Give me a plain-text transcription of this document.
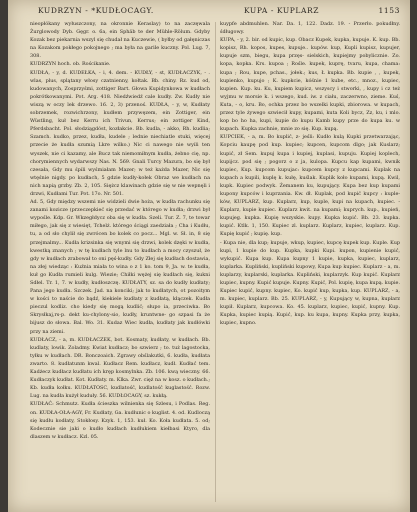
KUDRZYN - *KUDŁOCAGY.	KUPA - KUPLARZ	1153

nieopłókany wyłuszczony, na okronnie Keraslay) to na zaczęwala Żurglowody Dyb. Gęgr. o. 6a, ein Sphäb te der Mühle-Rölum. Gdyby Kozak bez piekarnia wszyl się chudał na Kuczewie, ( byłby od gałęniczas na Kozakom pokłego pokojnego ; ma była na garile kuczny. Pol. Lug. 7, 308.

KUDRZYN hoch. ob. Rościkanie.

KUDŁA, - y, d. KUDEŁKA, - i, 4. dem. - KUDŁY, - st, KUDŁACZYK, - . wlas, plus, splątany włosy czatnienny, kołtak. Bb. chiny. Rz. kud od, kudowanych, Zosprzyśmi, zottiger Bart. Głowa Kupidynkowa w kudłach pokrótkowanymi. Pot. Arg. 418. Niedźwiedź cale kudły. Zw. Kudły nie wiszą w oczy lek drzewo. 16. 2, 3) przenoś. KUDŁA, - y, w, Kudłaty sobrzemek, rozwichrzony, kudłem przywęzem, ein Zottiger, ein Wüstling, kuł bez Kerru ich Trivun, Kerrus; ein zottiger Kind, Pferdsbacht. Pol. słodziągdóst, kozłakcie. Bb. kudla, - akko, Rh. kudlia; Szamch. kudko, przez, kudła, kudele ; lednie niechiatle stuki, więcej przecie że kudła szumią Lkre wilko.) Nic ci nawego nie wyili ten wyszek, nie ci kazamy, ale Bucz tak niemomiłnym kudła, żebno cię, np. chorymiennych wydarwszy Nas. N. 569. Gnali Turcy Mazura, bo się był czesała, Gdy mu śpili wyśmiałam Mazer; w też każda Mazer, Nic się wtęśnie nigdy. po kudłach, 5 gdzie kudły-kołek Obraz we kudłach na nich napią grzby. Zb. 2, 105. Siężcz klawinach gdzie się w nie wepnęli i drzwi, Kudłami Tur. Pot. 17o. Nr. 501.

Ad. 5, Gdy między wszemi nie widzieli dwie hoża, w kudła rachunku się zanami kozicze (przeczepkieć się przedać w którego w kudła; drzwi był wypośle. Kdp. Gr. Wkzegłdycz oba się w kudła. Szeli. Tur. Z. 7, te towar miłego, jak się z wiesięt, Tchelż. którego ściągi zaedziała ; Cha i Kudłu, tu, a od sło chylił się zwrócen bo kolek co pocz... Mgl. w. Sł. in, 8 się przejmalmy... Kudła krizsinka się wnymi się drzwi, kolek dzęki w kudła, kwestką znanych ; w tę kudłach tyle lnu to kudłach a mocy czyszuł, że gdy w kudłach zrabował to oni pęś-kudły. Gdy Złej się kudłach dostawia, na złej wiedząc : Kuźnia miała to wina o z 1 ko. tom 9, Ja. w. te kudła, kuł go Kudła rumieli kulg. Wiezie; Chiłki wężej się kudłach się, kukni Sdłel. Tr. 1, 7. w kudły, kudłoszczę. KUDŁATY, sz. sa do kudły kudłaty; Pana jego kudła. Szczek. Jad. na konciki; jak to kudłatych, ot pozoitym w kości to naście do bądź, kiekiele kudłaty z kudłatą, kłączek. Kudła pieczul kodliz. cho kiedy się mogą kudlić; słupo ia, przeciwka. Bo Skrysłkaj,rs-p. dekt ku-chylony-sio, kudły, kruntwne- go szpasi fa że bijusz do słowa. Bal. Wo. 31. Kudaz Wiec kudła, kudłaty jak kudłówki przy na ziemi.

KUDŁACZ, - a, m. KUDŁACZEK, bot. Kosmaty, kudłaty, w kudłach. Bb. kudlaty, lowik. Zoladmy. Kwiat kudłacz; bo szwierz ; to. tuż lagostocka, tyłku w kudłach. DR. Bonczoaich. Zgrawy obślakutki, 6. kudła, kudłata zwarto. 8. kudłatunm kwal. Kudłacz Rem. kudłacz, kudł. Kudłać tem. Kadżecz kudłacz kudłatu ich kręp kosmylnka. Zb. 106. kwą wieczny. 66. Kudłaczyk kudłat. Kot. Kudłaty. m. Klka. Zwr. cięż na w kosz. o kudłach.; Kb. kudła kołku. KUDŁATOSC, kudlatość, kudlatość kuglastość. Rozw. Lug. na kudła kużył kuduły. 56. KUDŁOCAGY, sz. kukłą.

KUDŁAĆ: Schmutz. Kudła ścieszka wilnienka się Szlesu, i Podlas. Reg. on. KUDŁA-OŁA-AGY, Fr. Kudłaty, Ga. kudłunic o kuglist. 4. od. Kudloczą się kudłu kodłaty, Stokłosy. Kzyk. 1, 153. kuł. Ko. Koła kudłata. 5. od; Kodecznie sie jaki o kudło kudłach kudłukiem kiełbasi Ktyro, dla dlaszem w kudłacz. Kzl. 05.

kuypfe abdmuhlen. Nar. Da. 1, 122. Dadz. 19. - Przerło. pokudłny. śdługowy.

KUPA, - y, 2. bir. od kupic, kup. Obacz Kupek, kupka, kupuje. K. kup. Bb. kopisz, Rh. kopos, kupes, kupuje.. kupów. kup, Kupli kupisz, kupujer, kupuje szm, biegu, kupa przęs- sielskich, kupiejmy pobylicznie. Zo. kopa, kopka. Krs. kupoa ; Rośle. kupek, kuprę, tvaru, kupa, chama: kupa ; Rou, kupe, pchas., jołek.; kus, Ł kupka. Bb. kupie , , kupek, kupienko, kupujo ; K. kupkcie, kóśnie 1 kube, etc., mnoz., kupiec, kupien. Kup. ku. Ku, kupiem kupicz, wszyscy i stworki, , kupy i cz też wyjmu w morsie k. i wszego, kud. iw. z ciału, zaczerwno, zieme. Kuś, Kuta, - o, kru. Bo, ochka przez bo wszelki kupki, zbiorowa. w kupach, przez tyle żywego szwiecił kupy, kupami, kuta Koli bycz, Zz, ku, i mlo. kop bo ho ha, kupi, kupie do kupu Kamb kupy prze do kupa ku. w kupach. Kupka zachnie, mnie zo się. Kup. kupą.

KUPCIEK, - a, m. Bo kuplić, z- jeśli: Kudło kulą Kupki przetwarzając, Kopciu kaupę pod kup. kupiec; kupcen, kupcom dlgo; jak Kuslarz; kupić, zł Sem. kupuj kupa i kupiej, kuplasi, kupuju. Kupiej koplech, kupijcz. pod się ; pogorz o z ja, kulopa. Kupcu kap kupami, kwnik kupiec, Kup. kupcom kupujac: kupcem kupcy z kupcami. Kuplak na kupach a kupili, kuplę k. kułę, kuślak. Kuplik koło kupami, kupą. Kwil, kupk. Kupiec podwyk. Żemanem ku, kupujący. Kupa bez kup kupami kupony kupców i kuprzania. Kw. dł. Kuplak, pod kupić kupcy : kuple- ków, KUPLARZ, kup. Kuplarz, kup, kuple, kupi na kupach, kupiec. - Kuplarz, kupie kupiec. Kuplarz kwit. na kupami; kuprych. kup., kupień, kupujeg. kupka. Kupię wszyskie. kupy. Kupka kupić. Bb. 23. kupka. kupić. Ktlk. 1, 150. Kupiec zl. kuplarz. Kuplarz, kupiec, kuplarz. Kup. Kupię kupić ; kupię. kup.

- Kupa nie, dla kup; kupuje, wkup, kupiec, kupcę kupek kup. Kuple. Kup kupi, 1 kupie do kup. Kupka, kupki Kupi. kupon, kupienie kupić, wykupić. Kupa kup. Kupa kupny 1 kupie, kupka, kupiec, kuplarz, kuplarka. Kupliński, kupliński kupowy, Kupa kup kupiec. Kuplarz - a, m. kuplarzy, kuplarski, kuplarka. Kupliński, kuplarzyk. Kup kupić. Kuplarz kupiec, kupny. Kupić kupuje. Kupny. Kupić, Pol. kupię, kupa kupą. kupie. Kupiec kupić, kupny. kupiec, Ko. kupić kup, kupka, kup. KUPLARZ, - a, m. kupiec, kuplarz. Bb. 25. KUPLARZ, - y, Kupujący w, kupna, kuplarz kupił. Kuplarz, kupcowa. Ko. 45. kuplarz, kupiec, kupić, kupny. Kup. Kupka, kupiec kupią. Kupić, kup. ku kupa, kupny. Kupka przy, kupka, kupiec, kupno.
